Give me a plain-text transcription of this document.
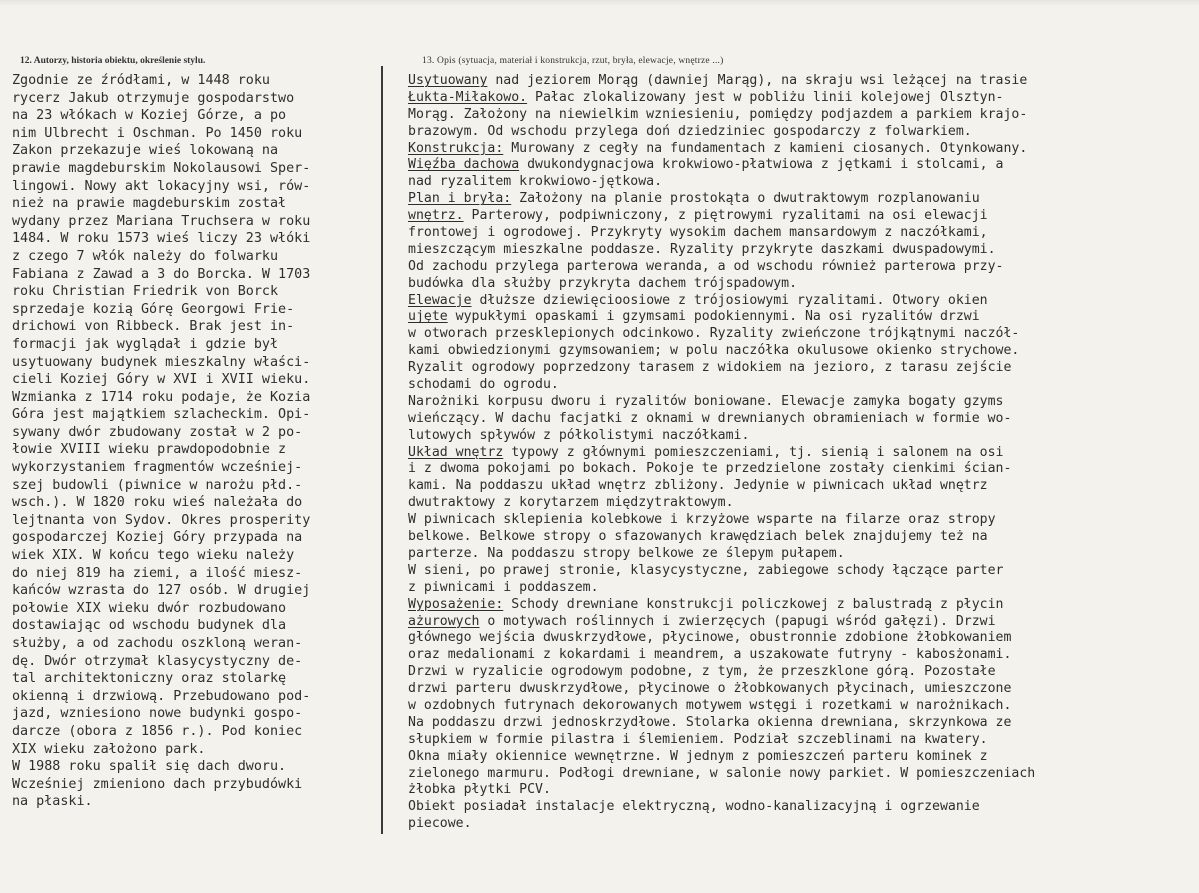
12. Autorzy, historia obiektu, określenie stylu.	13. Opis (sytuacja, materiał i konstrukcja, rzut, bryła, elewacje, wnętrze ...)
Zgodnie ze źródłami, w 1448 roku
rycerz Jakub otrzymuje gospodarstwo
na 23 włókach w Koziej Górze, a po
nim Ulbrecht i Oschman. Po 1450 roku
Zakon przekazuje wieś lokowaną na
prawie magdeburskim Nokolausowi Sper-
lingowi. Nowy akt lokacyjny wsi, rów-
nież na prawie magdeburskim został
wydany przez Mariana Truchsera w roku
1484. W roku 1573 wieś liczy 23 włóki
z czego 7 włók należy do folwarku
Fabiana z Zawad a 3 do Borcka. W 1703
roku Christian Friedrik von Borck
sprzedaje kozią Górę Georgowi Frie-
drichowi von Ribbeck. Brak jest in-
formacji jak wyglądał i gdzie był
usytuowany budynek mieszkalny właści-
cieli Koziej Góry w XVI i XVII wieku.
Wzmianka z 1714 roku podaje, że Kozia
Góra jest majątkiem szlacheckim. Opi-
sywany dwór zbudowany został w 2 po-
łowie XVIII wieku prawdopodobnie z
wykorzystaniem fragmentów wcześniej-
szej budowli (piwnice w narożu płd.-
wsch.). W 1820 roku wieś należała do
lejtnanta von Sydov. Okres prosperity
gospodarczej Koziej Góry przypada na
wiek XIX. W końcu tego wieku należy
do niej 819 ha ziemi, a ilość miesz-
kańców wzrasta do 127 osób. W drugiej
połowie XIX wieku dwór rozbudowano
dostawiając od wschodu budynek dla
służby, a od zachodu oszkloną weran-
dę. Dwór otrzymał klasycystyczny de-
tal architektoniczny oraz stolarkę
okienną i drzwiową. Przebudowano pod-
jazd, wzniesiono nowe budynki gospo-
darcze (obora z 1856 r.). Pod koniec
XIX wieku założono park.
W 1988 roku spalił się dach dworu.
Wcześniej zmieniono dach przybudówki
na płaski.
Usytuowany nad jeziorem Morąg (dawniej Marąg), na skraju wsi leżącej na trasie
Łukta-Miłakowo. Pałac zlokalizowany jest w pobliżu linii kolejowej Olsztyn-
Morąg. Założony na niewielkim wzniesieniu, pomiędzy podjazdem a parkiem krajo-
brazowym. Od wschodu przylega doń dziedziniec gospodarczy z folwarkiem.
Konstrukcja: Murowany z cegły na fundamentach z kamieni ciosanych. Otynkowany.
Więźba dachowa dwukondygnacjowa krokwiowo-płatwiowa z jętkami i stolcami, a
nad ryzalitem krokwiowo-jętkowa.
Plan i bryła: Założony na planie prostokąta o dwutraktowym rozplanowaniu
wnętrz. Parterowy, podpiwniczony, z piętrowymi ryzalitami na osi elewacji
frontowej i ogrodowej. Przykryty wysokim dachem mansardowym z naczółkami,
mieszczącym mieszkalne poddasze. Ryzality przykryte daszkami dwuspadowymi.
Od zachodu przylega parterowa weranda, a od wschodu również parterowa przy-
budówka dla służby przykryta dachem trójspadowym.
Elewacje dłuższe dziewięcioosiowe z trójosiowymi ryzalitami. Otwory okien
ujęte wypukłymi opaskami i gzymsami podokiennymi. Na osi ryzalitów drzwi
w otworach przesklepionych odcinkowo. Ryzality zwieńczone trójkątnymi naczół-
kami obwiedzionymi gzymsowaniem; w polu naczółka okulusowe okienko strychowe.
Ryzalit ogrodowy poprzedzony tarasem z widokiem na jezioro, z tarasu zejście
schodami do ogrodu.
Narożniki korpusu dworu i ryzalitów boniowane. Elewacje zamyka bogaty gzyms
wieńczący. W dachu facjatki z oknami w drewnianych obramieniach w formie wo-
lutowych spływów z półkolistymi naczółkami.
Układ wnętrz typowy z głównymi pomieszczeniami, tj. sienią i salonem na osi
i z dwoma pokojami po bokach. Pokoje te przedzielone zostały cienkimi ścian-
kami. Na poddaszu układ wnętrz zbliżony. Jedynie w piwnicach układ wnętrz
dwutraktowy z korytarzem międzytraktowym.
W piwnicach sklepienia kolebkowe i krzyżowe wsparte na filarze oraz stropy
belkowe. Belkowe stropy o sfazowanych krawędziach belek znajdujemy też na
parterze. Na poddaszu stropy belkowe ze ślepym pułapem.
W sieni, po prawej stronie, klasycystyczne, zabiegowe schody łączące parter
z piwnicami i poddaszem.
Wyposażenie: Schody drewniane konstrukcji policzkowej z balustradą z płycin
ażurowych o motywach roślinnych i zwierzęcych (papugi wśród gałęzi). Drzwi
głównego wejścia dwuskrzydłowe, płycinowe, obustronnie zdobione żłobkowaniem
oraz medalionami z kokardami i meandrem, a uszakowate futryny - kabosżonami.
Drzwi w ryzalicie ogrodowym podobne, z tym, że przeszklone górą. Pozostałe
drzwi parteru dwuskrzydłowe, płycinowe o żłobkowanych płycinach, umieszczone
w ozdobnych futrynach dekorowanych motywem wstęgi i rozetkami w narożnikach.
Na poddaszu drzwi jednoskrzydłowe. Stolarka okienna drewniana, skrzynkowa ze
słupkiem w formie pilastra i ślemieniem. Podział szczeblinami na kwatery.
Okna miały okiennice wewnętrzne. W jednym z pomieszczeń parteru kominek z
zielonego marmuru. Podłogi drewniane, w salonie nowy parkiet. W pomieszczeniach
żłobka płytki PCV.
Obiekt posiadał instalacje elektryczną, wodno-kanalizacyjną i ogrzewanie
piecowe.
